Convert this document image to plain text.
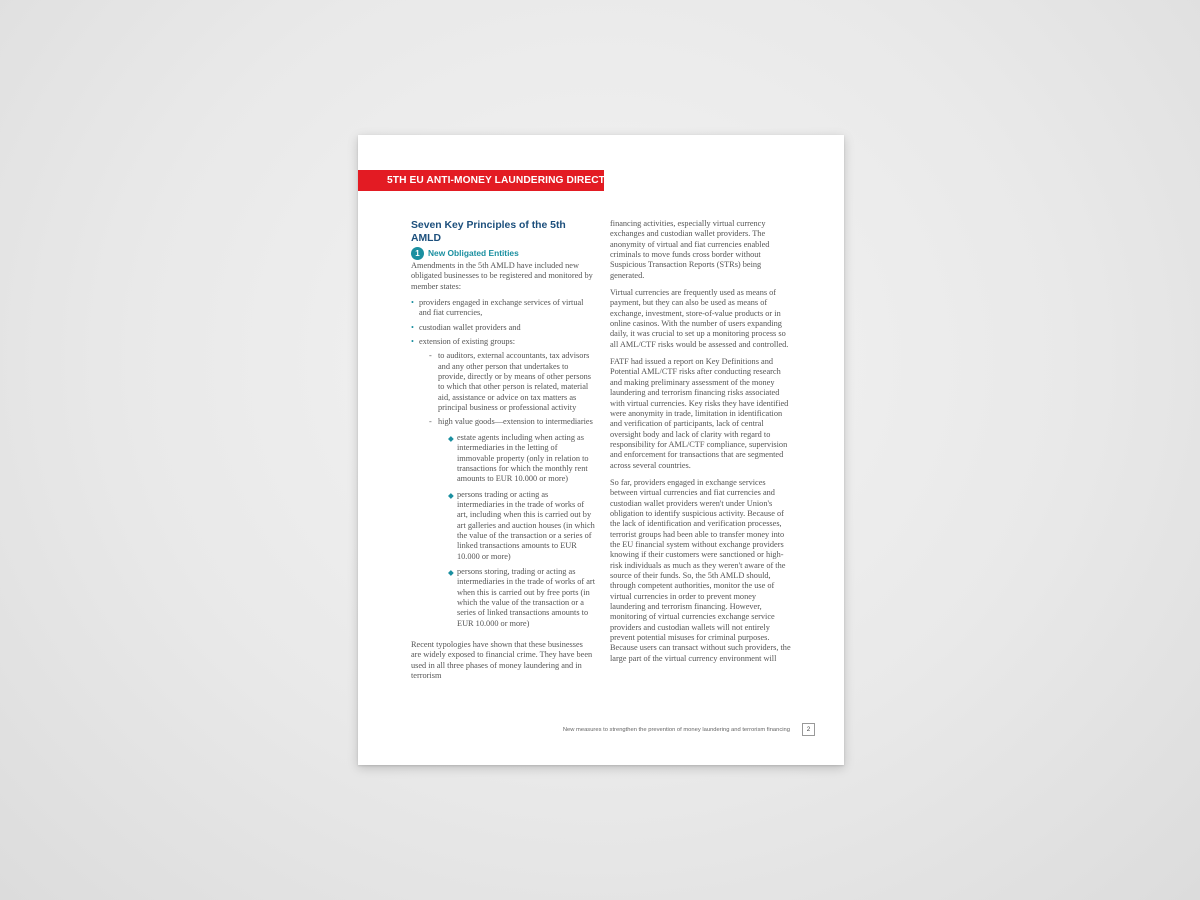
5TH EU ANTI-MONEY LAUNDERING DIRECTIVE
Seven Key Principles of the 5th AMLD
1 New Obligated Entities

Amendments in the 5th AMLD have included new obligated businesses to be registered and monitored by member states:

• providers engaged in exchange services of virtual and fiat currencies,
• custodian wallet providers and
• extension of existing groups:
- to auditors, external accountants, tax advisors and any other person that undertakes to provide, directly or by means of other persons to which that other person is related, material aid, assistance or advice on tax matters as principal business or professional activity
- high value goods—extension to intermediaries
◆ estate agents including when acting as intermediaries in the letting of immovable property (only in relation to transactions for which the monthly rent amounts to EUR 10.000 or more)
◆ persons trading or acting as intermediaries in the trade of works of art, including when this is carried out by art galleries and auction houses (in which the value of the transaction or a series of linked transactions amounts to EUR 10.000 or more)
◆ persons storing, trading or acting as intermediaries in the trade of works of art when this is carried out by free ports (in which the value of the transaction or a series of linked transactions amounts to EUR 10.000 or more)

Recent typologies have shown that these businesses are widely exposed to financial crime. They have been used in all three phases of money laundering and in terrorism

financing activities, especially virtual currency exchanges and custodian wallet providers. The anonymity of virtual and fiat currencies enabled criminals to move funds cross border without Suspicious Transaction Reports (STRs) being generated.

Virtual currencies are frequently used as means of payment, but they can also be used as means of exchange, investment, store-of-value products or in online casinos. With the number of users expanding daily, it was crucial to set up a monitoring process so all AML/CTF risks would be assessed and controlled.

FATF had issued a report on Key Definitions and Potential AML/CTF risks after conducting research and making preliminary assessment of the money laundering and terrorism financing risks associated with virtual currencies. Key risks they have identified were anonymity in trade, limitation in identification and verification of participants, lack of central oversight body and lack of clarity with regard to responsibility for AML/CTF compliance, supervision and enforcement for transactions that are segmented across several countries.

So far, providers engaged in exchange services between virtual currencies and fiat currencies and custodian wallet providers weren't under Union's obligation to identify suspicious activity. Because of the lack of identification and verification processes, terrorist groups had been able to transfer money into the EU financial system without exchange providers knowing if their customers were sanctioned or high-risk individuals as much as they weren't aware of the source of their funds. So, the 5th AMLD should, through competent authorities, monitor the use of virtual currencies in order to prevent money laundering and terrorism financing. However, monitoring of virtual currencies exchange service providers and custodian wallets will not entirely prevent potential misuses for criminal purposes. Because users can transact without such providers, the large part of the virtual currency environment will

New measures to strengthen the prevention of money laundering and terrorism financing	2
